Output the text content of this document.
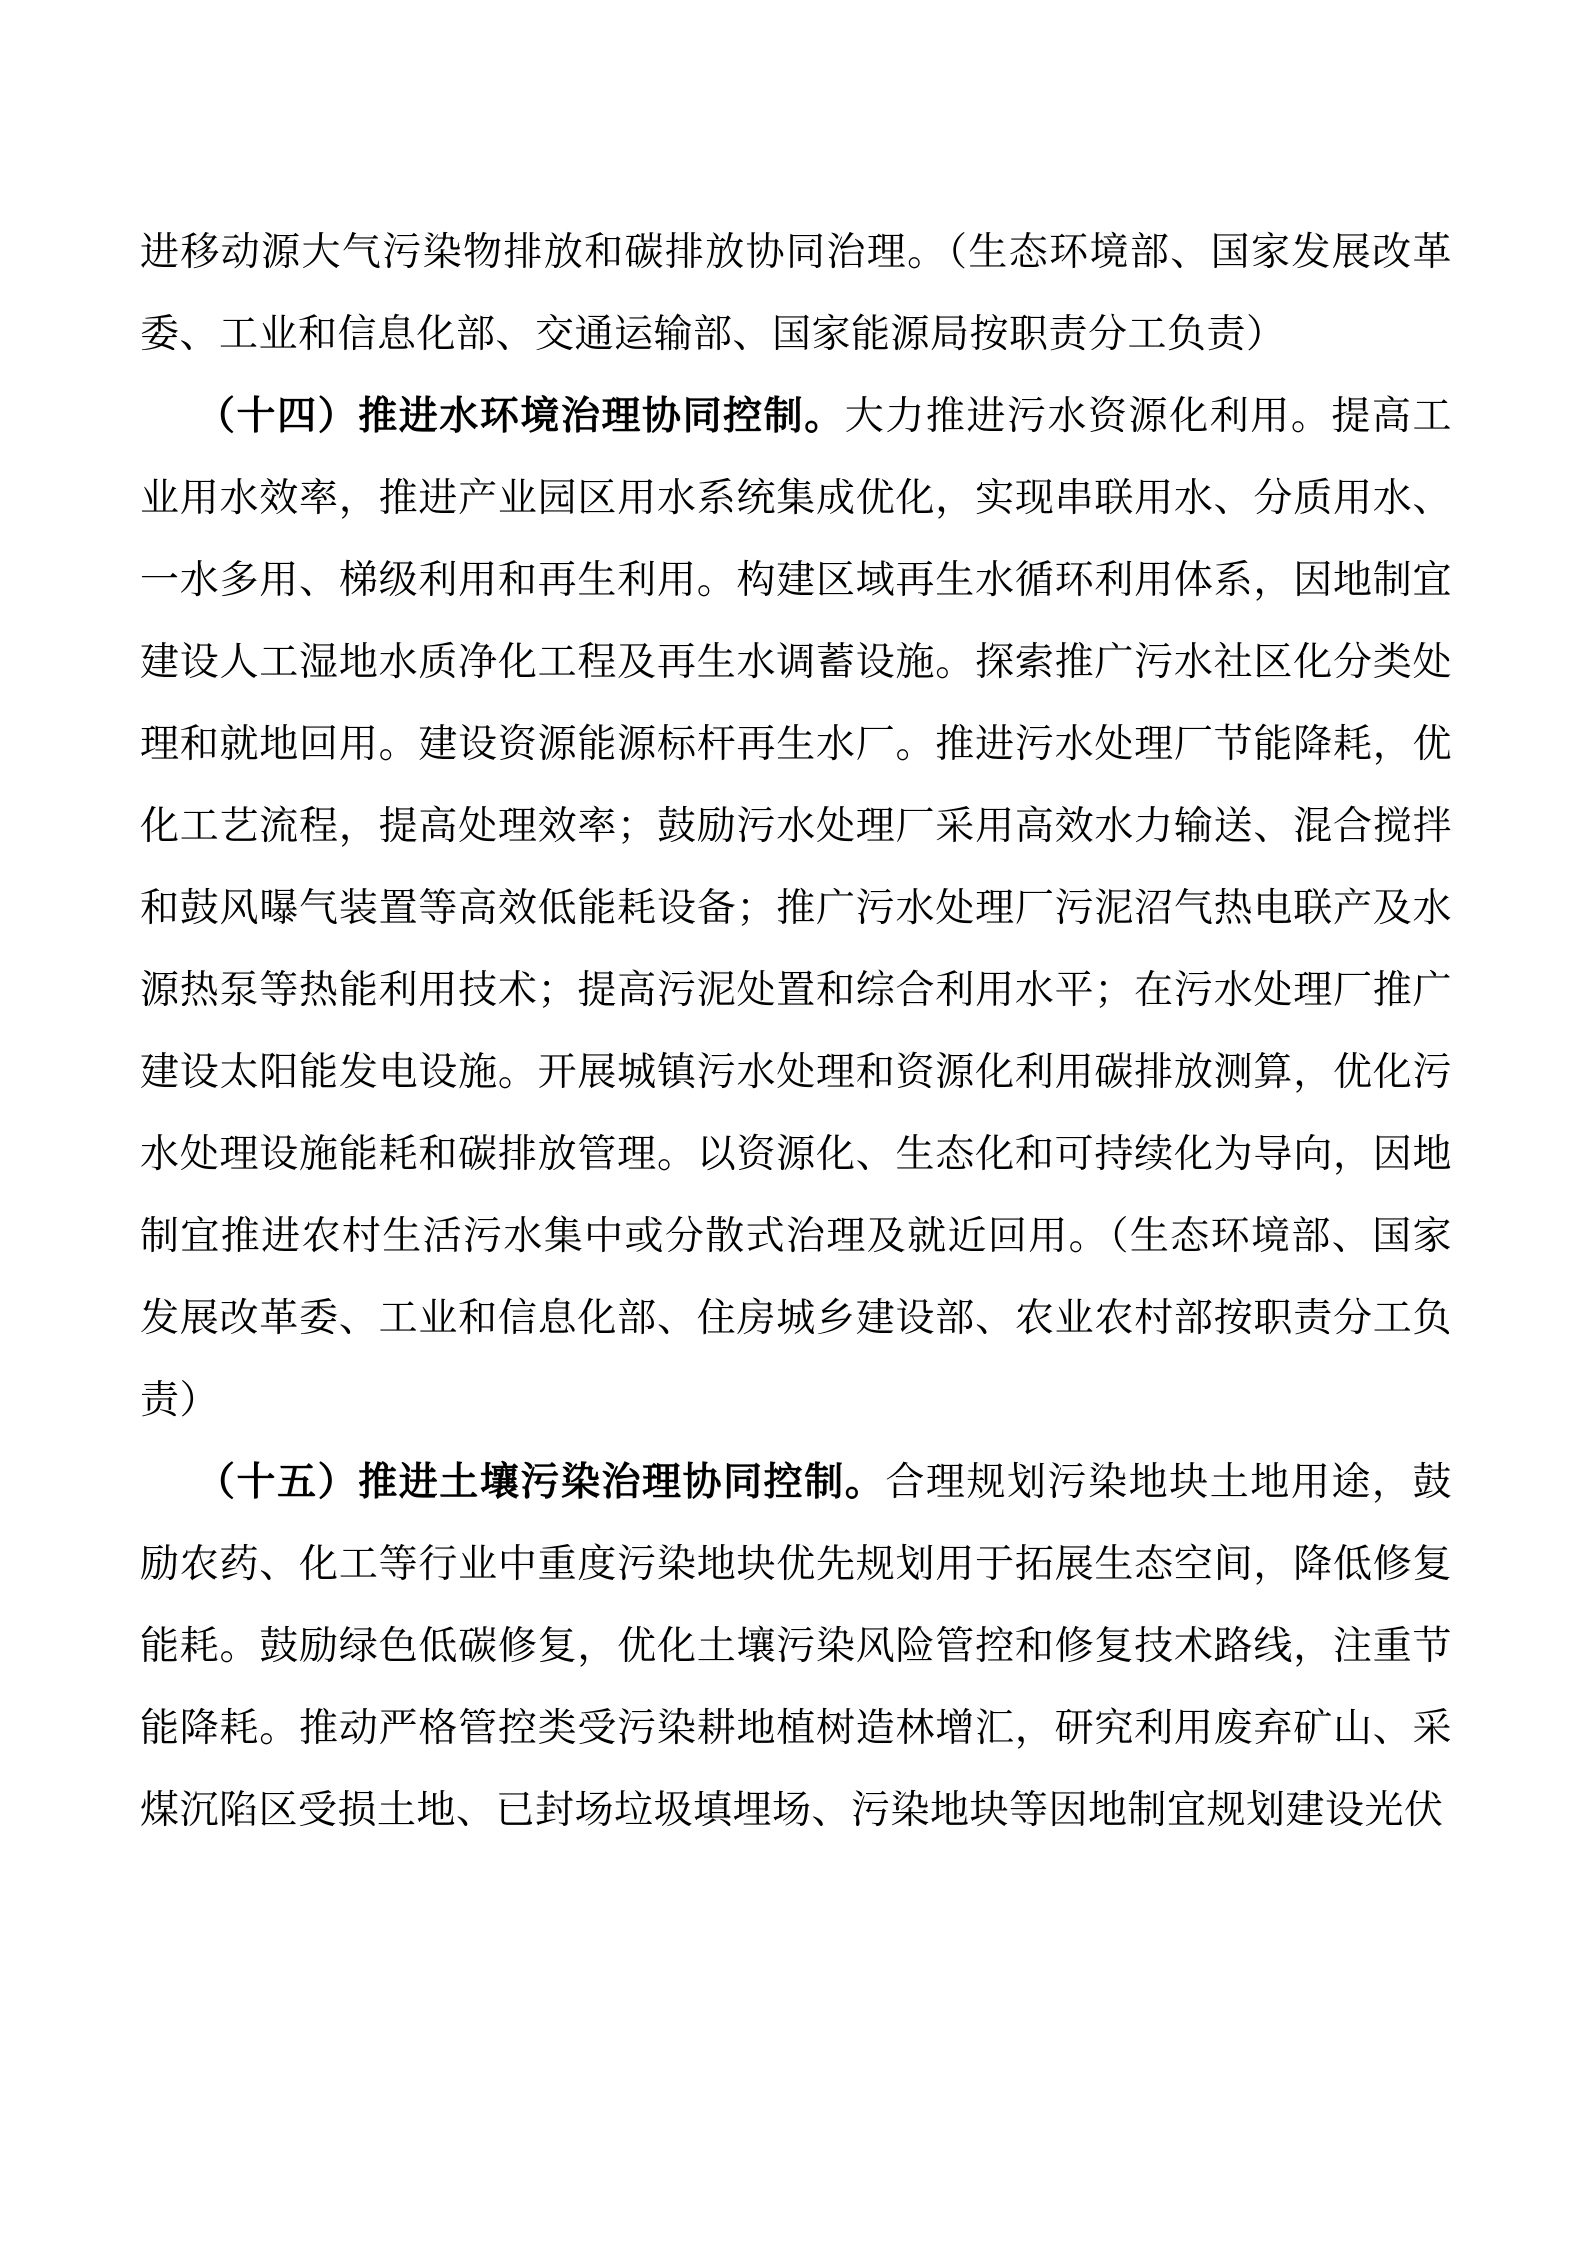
进移动源大气污染物排放和碳排放协同治理。（生态环境部、国家发展改革委、工业和信息化部、交通运输部、国家能源局按职责分工负责）

（十四）推进水环境治理协同控制。大力推进污水资源化利用。提高工业用水效率，推进产业园区用水系统集成优化，实现串联用水、分质用水、一水多用、梯级利用和再生利用。构建区域再生水循环利用体系，因地制宜建设人工湿地水质净化工程及再生水调蓄设施。探索推广污水社区化分类处理和就地回用。建设资源能源标杆再生水厂。推进污水处理厂节能降耗，优化工艺流程，提高处理效率；鼓励污水处理厂采用高效水力输送、混合搅拌和鼓风曝气装置等高效低能耗设备；推广污水处理厂污泥沼气热电联产及水源热泵等热能利用技术；提高污泥处置和综合利用水平；在污水处理厂推广建设太阳能发电设施。开展城镇污水处理和资源化利用碳排放测算，优化污水处理设施能耗和碳排放管理。以资源化、生态化和可持续化为导向，因地制宜推进农村生活污水集中或分散式治理及就近回用。（生态环境部、国家发展改革委、工业和信息化部、住房城乡建设部、农业农村部按职责分工负责）

（十五）推进土壤污染治理协同控制。合理规划污染地块土地用途，鼓励农药、化工等行业中重度污染地块优先规划用于拓展生态空间，降低修复能耗。鼓励绿色低碳修复，优化土壤污染风险管控和修复技术路线，注重节能降耗。推动严格管控类受污染耕地植树造林增汇，研究利用废弃矿山、采煤沉陷区受损土地、已封场垃圾填埋场、污染地块等因地制宜规划建设光伏
